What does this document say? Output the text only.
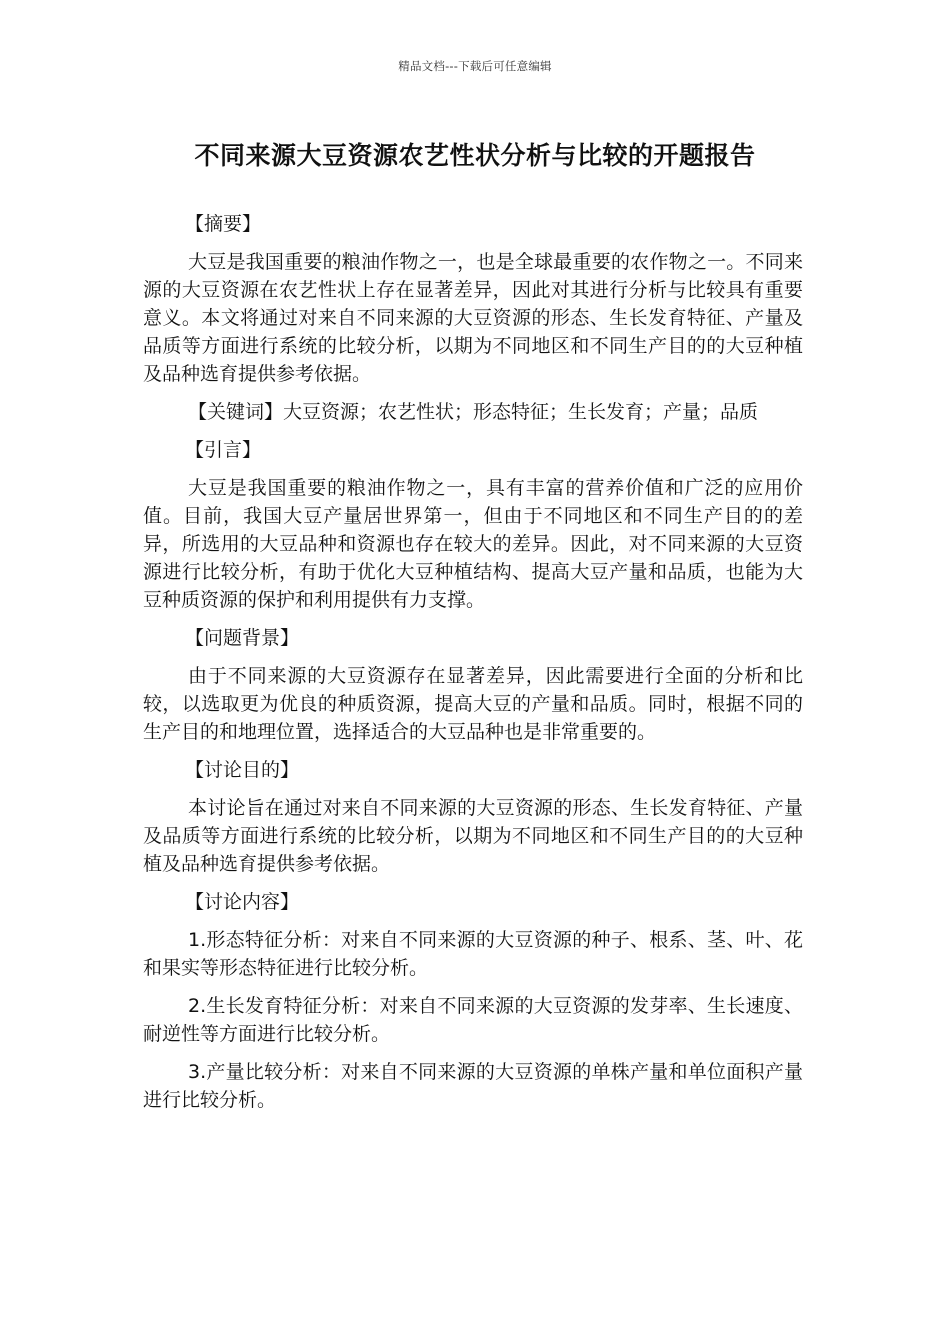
精品文档---下载后可任意编辑
不同来源大豆资源农艺性状分析与比较的开题报告
【摘要】

大豆是我国重要的粮油作物之一，也是全球最重要的农作物之一。不同来源的大豆资源在农艺性状上存在显著差异，因此对其进行分析与比较具有重要意义。本文将通过对来自不同来源的大豆资源的形态、生长发育特征、产量及品质等方面进行系统的比较分析，以期为不同地区和不同生产目的的大豆种植及品种选育提供参考依据。

【关键词】大豆资源；农艺性状；形态特征；生长发育；产量；品质

【引言】

大豆是我国重要的粮油作物之一，具有丰富的营养价值和广泛的应用价值。目前，我国大豆产量居世界第一，但由于不同地区和不同生产目的的差异，所选用的大豆品种和资源也存在较大的差异。因此，对不同来源的大豆资源进行比较分析，有助于优化大豆种植结构、提高大豆产量和品质，也能为大豆种质资源的保护和利用提供有力支撑。

【问题背景】

由于不同来源的大豆资源存在显著差异，因此需要进行全面的分析和比较，以选取更为优良的种质资源，提高大豆的产量和品质。同时，根据不同的生产目的和地理位置，选择适合的大豆品种也是非常重要的。

【讨论目的】

本讨论旨在通过对来自不同来源的大豆资源的形态、生长发育特征、产量及品质等方面进行系统的比较分析，以期为不同地区和不同生产目的的大豆种植及品种选育提供参考依据。

【讨论内容】

1.形态特征分析：对来自不同来源的大豆资源的种子、根系、茎、叶、花和果实等形态特征进行比较分析。

2.生长发育特征分析：对来自不同来源的大豆资源的发芽率、生长速度、耐逆性等方面进行比较分析。

3.产量比较分析：对来自不同来源的大豆资源的单株产量和单位面积产量进行比较分析。
